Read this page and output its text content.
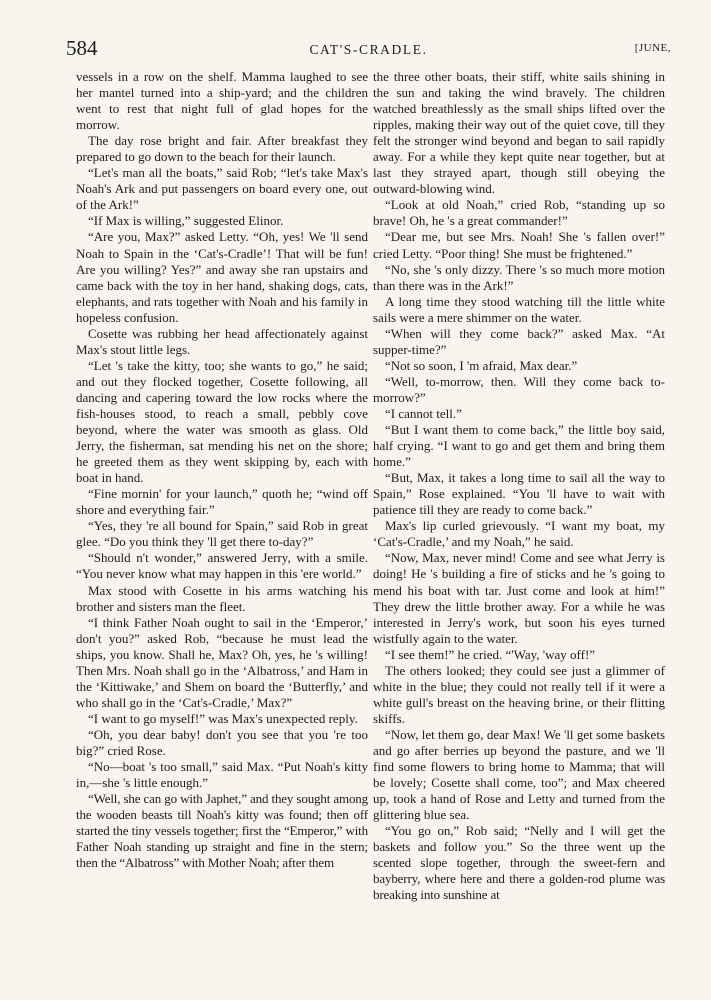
584	CAT'S-CRADLE.	[JUNE,

vessels in a row on the shelf. Mamma laughed to see her mantel turned into a ship-yard; and the children went to rest that night full of glad hopes for the morrow.

The day rose bright and fair. After breakfast they prepared to go down to the beach for their launch.

“Let's man all the boats,” said Rob; “let's take Max's Noah's Ark and put passengers on board every one, out of the Ark!”

“If Max is willing,” suggested Elinor.

“Are you, Max?” asked Letty. “Oh, yes! We 'll send Noah to Spain in the ‘Cat's-Cradle’! That will be fun! Are you willing? Yes?” and away she ran upstairs and came back with the toy in her hand, shaking dogs, cats, elephants, and rats together with Noah and his family in hopeless confusion.

Cosette was rubbing her head affectionately against Max's stout little legs.

“Let 's take the kitty, too; she wants to go,” he said; and out they flocked together, Cosette following, all dancing and capering toward the low rocks where the fish-houses stood, to reach a small, pebbly cove beyond, where the water was smooth as glass. Old Jerry, the fisherman, sat mending his net on the shore; he greeted them as they went skipping by, each with boat in hand.

“Fine mornin' for your launch,” quoth he; “wind off shore and everything fair.”

“Yes, they 're all bound for Spain,” said Rob in great glee. “Do you think they 'll get there to-day?”

“Should n't wonder,” answered Jerry, with a smile. “You never know what may happen in this 'ere world.”

Max stood with Cosette in his arms watching his brother and sisters man the fleet.

“I think Father Noah ought to sail in the ‘Emperor,’ don't you?” asked Rob, “because he must lead the ships, you know. Shall he, Max? Oh, yes, he 's willing! Then Mrs. Noah shall go in the ‘Albatross,’ and Ham in the ‘Kittiwake,’ and Shem on board the ‘Butterfly,’ and who shall go in the ‘Cat's-Cradle,’ Max?”

“I want to go myself!” was Max's unexpected reply.

“Oh, you dear baby! don't you see that you 're too big?” cried Rose.

“No—boat 's too small,” said Max. “Put Noah's kitty in,—she 's little enough.”

“Well, she can go with Japhet,” and they sought among the wooden beasts till Noah's kitty was found; then off started the tiny vessels together; first the “Emperor,” with Father Noah standing up straight and fine in the stern; then the “Albatross” with Mother Noah; after them

the three other boats, their stiff, white sails shining in the sun and taking the wind bravely. The children watched breathlessly as the small ships lifted over the ripples, making their way out of the quiet cove, till they felt the stronger wind beyond and began to sail rapidly away. For a while they kept quite near together, but at last they strayed apart, though still obeying the outward-blowing wind.

“Look at old Noah,” cried Rob, “standing up so brave! Oh, he 's a great commander!”

“Dear me, but see Mrs. Noah! She 's fallen over!” cried Letty. “Poor thing! She must be frightened.”

“No, she 's only dizzy. There 's so much more motion than there was in the Ark!”

A long time they stood watching till the little white sails were a mere shimmer on the water.

“When will they come back?” asked Max. “At supper-time?”

“Not so soon, I 'm afraid, Max dear.”

“Well, to-morrow, then. Will they come back to-morrow?”

“I cannot tell.”

“But I want them to come back,” the little boy said, half crying. “I want to go and get them and bring them home.”

“But, Max, it takes a long time to sail all the way to Spain,” Rose explained. “You 'll have to wait with patience till they are ready to come back.”

Max's lip curled grievously. “I want my boat, my ‘Cat's-Cradle,’ and my Noah,” he said.

“Now, Max, never mind! Come and see what Jerry is doing! He 's building a fire of sticks and he 's going to mend his boat with tar. Just come and look at him!” They drew the little brother away. For a while he was interested in Jerry's work, but soon his eyes turned wistfully again to the water.

“I see them!” he cried. “'Way, 'way off!”

The others looked; they could see just a glimmer of white in the blue; they could not really tell if it were a white gull's breast on the heaving brine, or their flitting skiffs.

“Now, let them go, dear Max! We 'll get some baskets and go after berries up beyond the pasture, and we 'll find some flowers to bring home to Mamma; that will be lovely; Cosette shall come, too”; and Max cheered up, took a hand of Rose and Letty and turned from the glittering blue sea.

“You go on,” Rob said; “Nelly and I will get the baskets and follow you.” So the three went up the scented slope together, through the sweet-fern and bayberry, where here and there a golden-rod plume was breaking into sunshine at
